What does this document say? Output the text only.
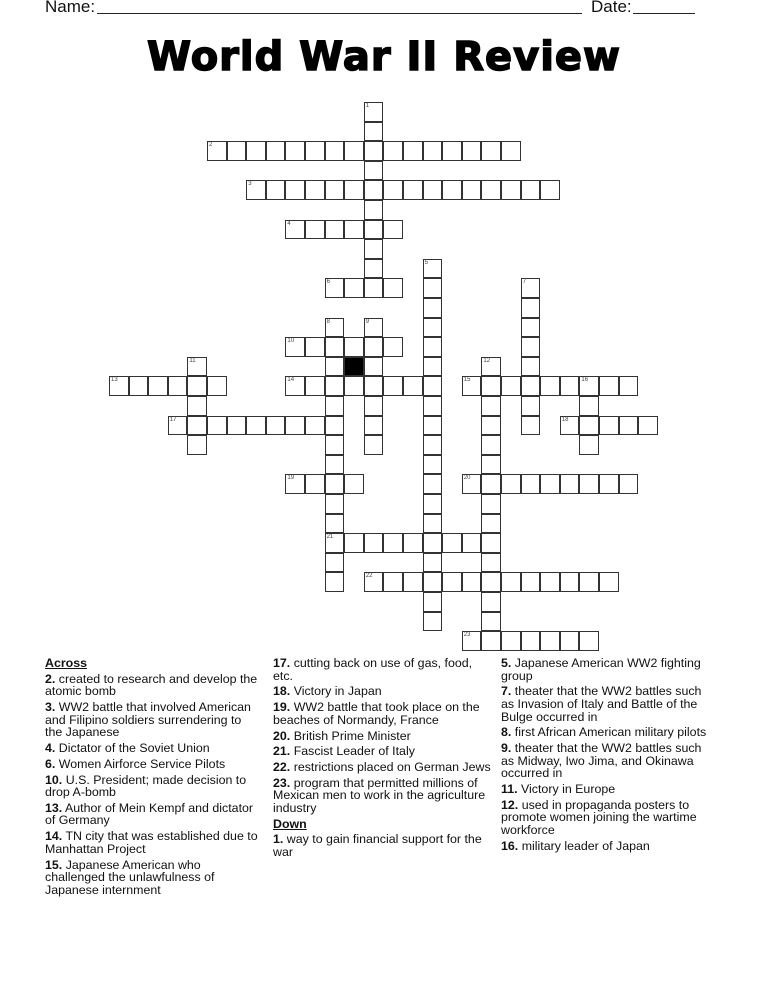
Name:	Date:
World War II Review
1
2
3
4
5
6	7
8
21
9
10
11	12
13	14	15	16
17	18
19	20
22
23
Across
2. created to research and develop the atomic bomb
3. WW2 battle that involved American and Filipino soldiers surrendering to the Japanese
4. Dictator of the Soviet Union
6. Women Airforce Service Pilots
10. U.S. President; made decision to drop A-bomb
13. Author of Mein Kempf and dictator of Germany
14. TN city that was established due to Manhattan Project
15. Japanese American who challenged the unlawfulness of Japanese internment
17. cutting back on use of gas, food, etc.
18. Victory in Japan
19. WW2 battle that took place on the beaches of Normandy, France
20. British Prime Minister
21. Fascist Leader of Italy
22. restrictions placed on German Jews
23. program that permitted millions of Mexican men to work in the agriculture industry
Down
1. way to gain financial support for the war
5. Japanese American WW2 fighting group
7. theater that the WW2 battles such as Invasion of Italy and Battle of the Bulge occurred in
8. first African American military pilots
9. theater that the WW2 battles such as Midway, Iwo Jima, and Okinawa occurred in
11. Victory in Europe
12. used in propaganda posters to promote women joining the wartime workforce
16. military leader of Japan
